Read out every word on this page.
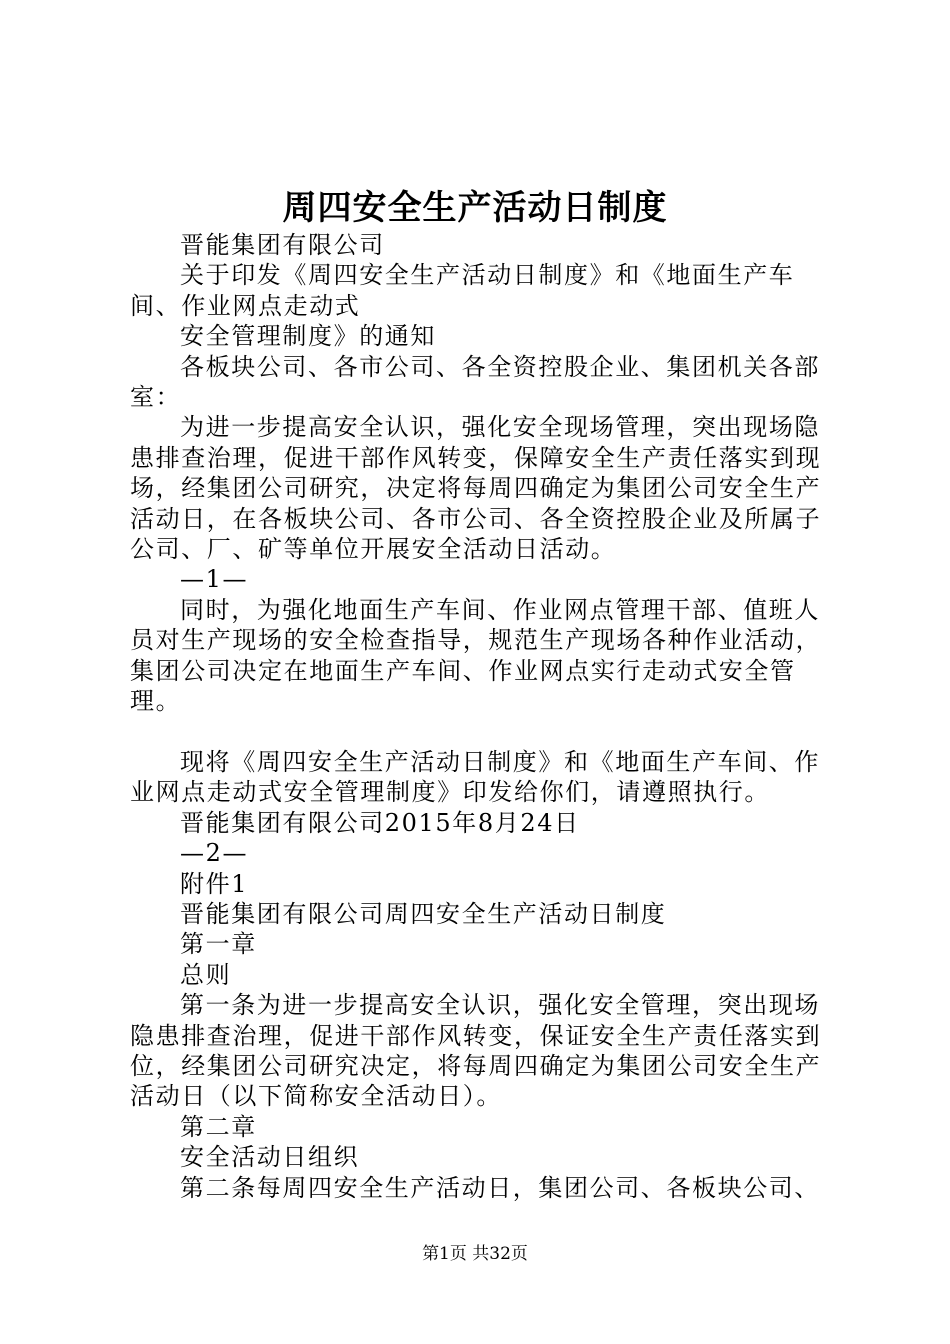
周四安全生产活动日制度

晋能集团有限公司

关于印发《周四安全生产活动日制度》和《地面生产车间、作业网点走动式

安全管理制度》的通知

各板块公司、各市公司、各全资控股企业、集团机关各部室：

为进一步提高安全认识，强化安全现场管理，突出现场隐患排查治理，促进干部作风转变，保障安全生产责任落实到现场，经集团公司研究，决定将每周四确定为集团公司安全生产活动日，在各板块公司、各市公司、各全资控股企业及所属子公司、厂、矿等单位开展安全活动日活动。

—1—

同时，为强化地面生产车间、作业网点管理干部、值班人员对生产现场的安全检查指导，规范生产现场各种作业活动，集团公司决定在地面生产车间、作业网点实行走动式安全管理。

现将《周四安全生产活动日制度》和《地面生产车间、作业网点走动式安全管理制度》印发给你们，请遵照执行。

晋能集团有限公司2015年8月24日

—2—

附件1

晋能集团有限公司周四安全生产活动日制度

第一章

总则

第一条为进一步提高安全认识，强化安全管理，突出现场隐患排查治理，促进干部作风转变，保证安全生产责任落实到位，经集团公司研究决定，将每周四确定为集团公司安全生产活动日（以下简称安全活动日）。

第二章

安全活动日组织

第二条每周四安全生产活动日，集团公司、各板块公司、

第1页 共32页
